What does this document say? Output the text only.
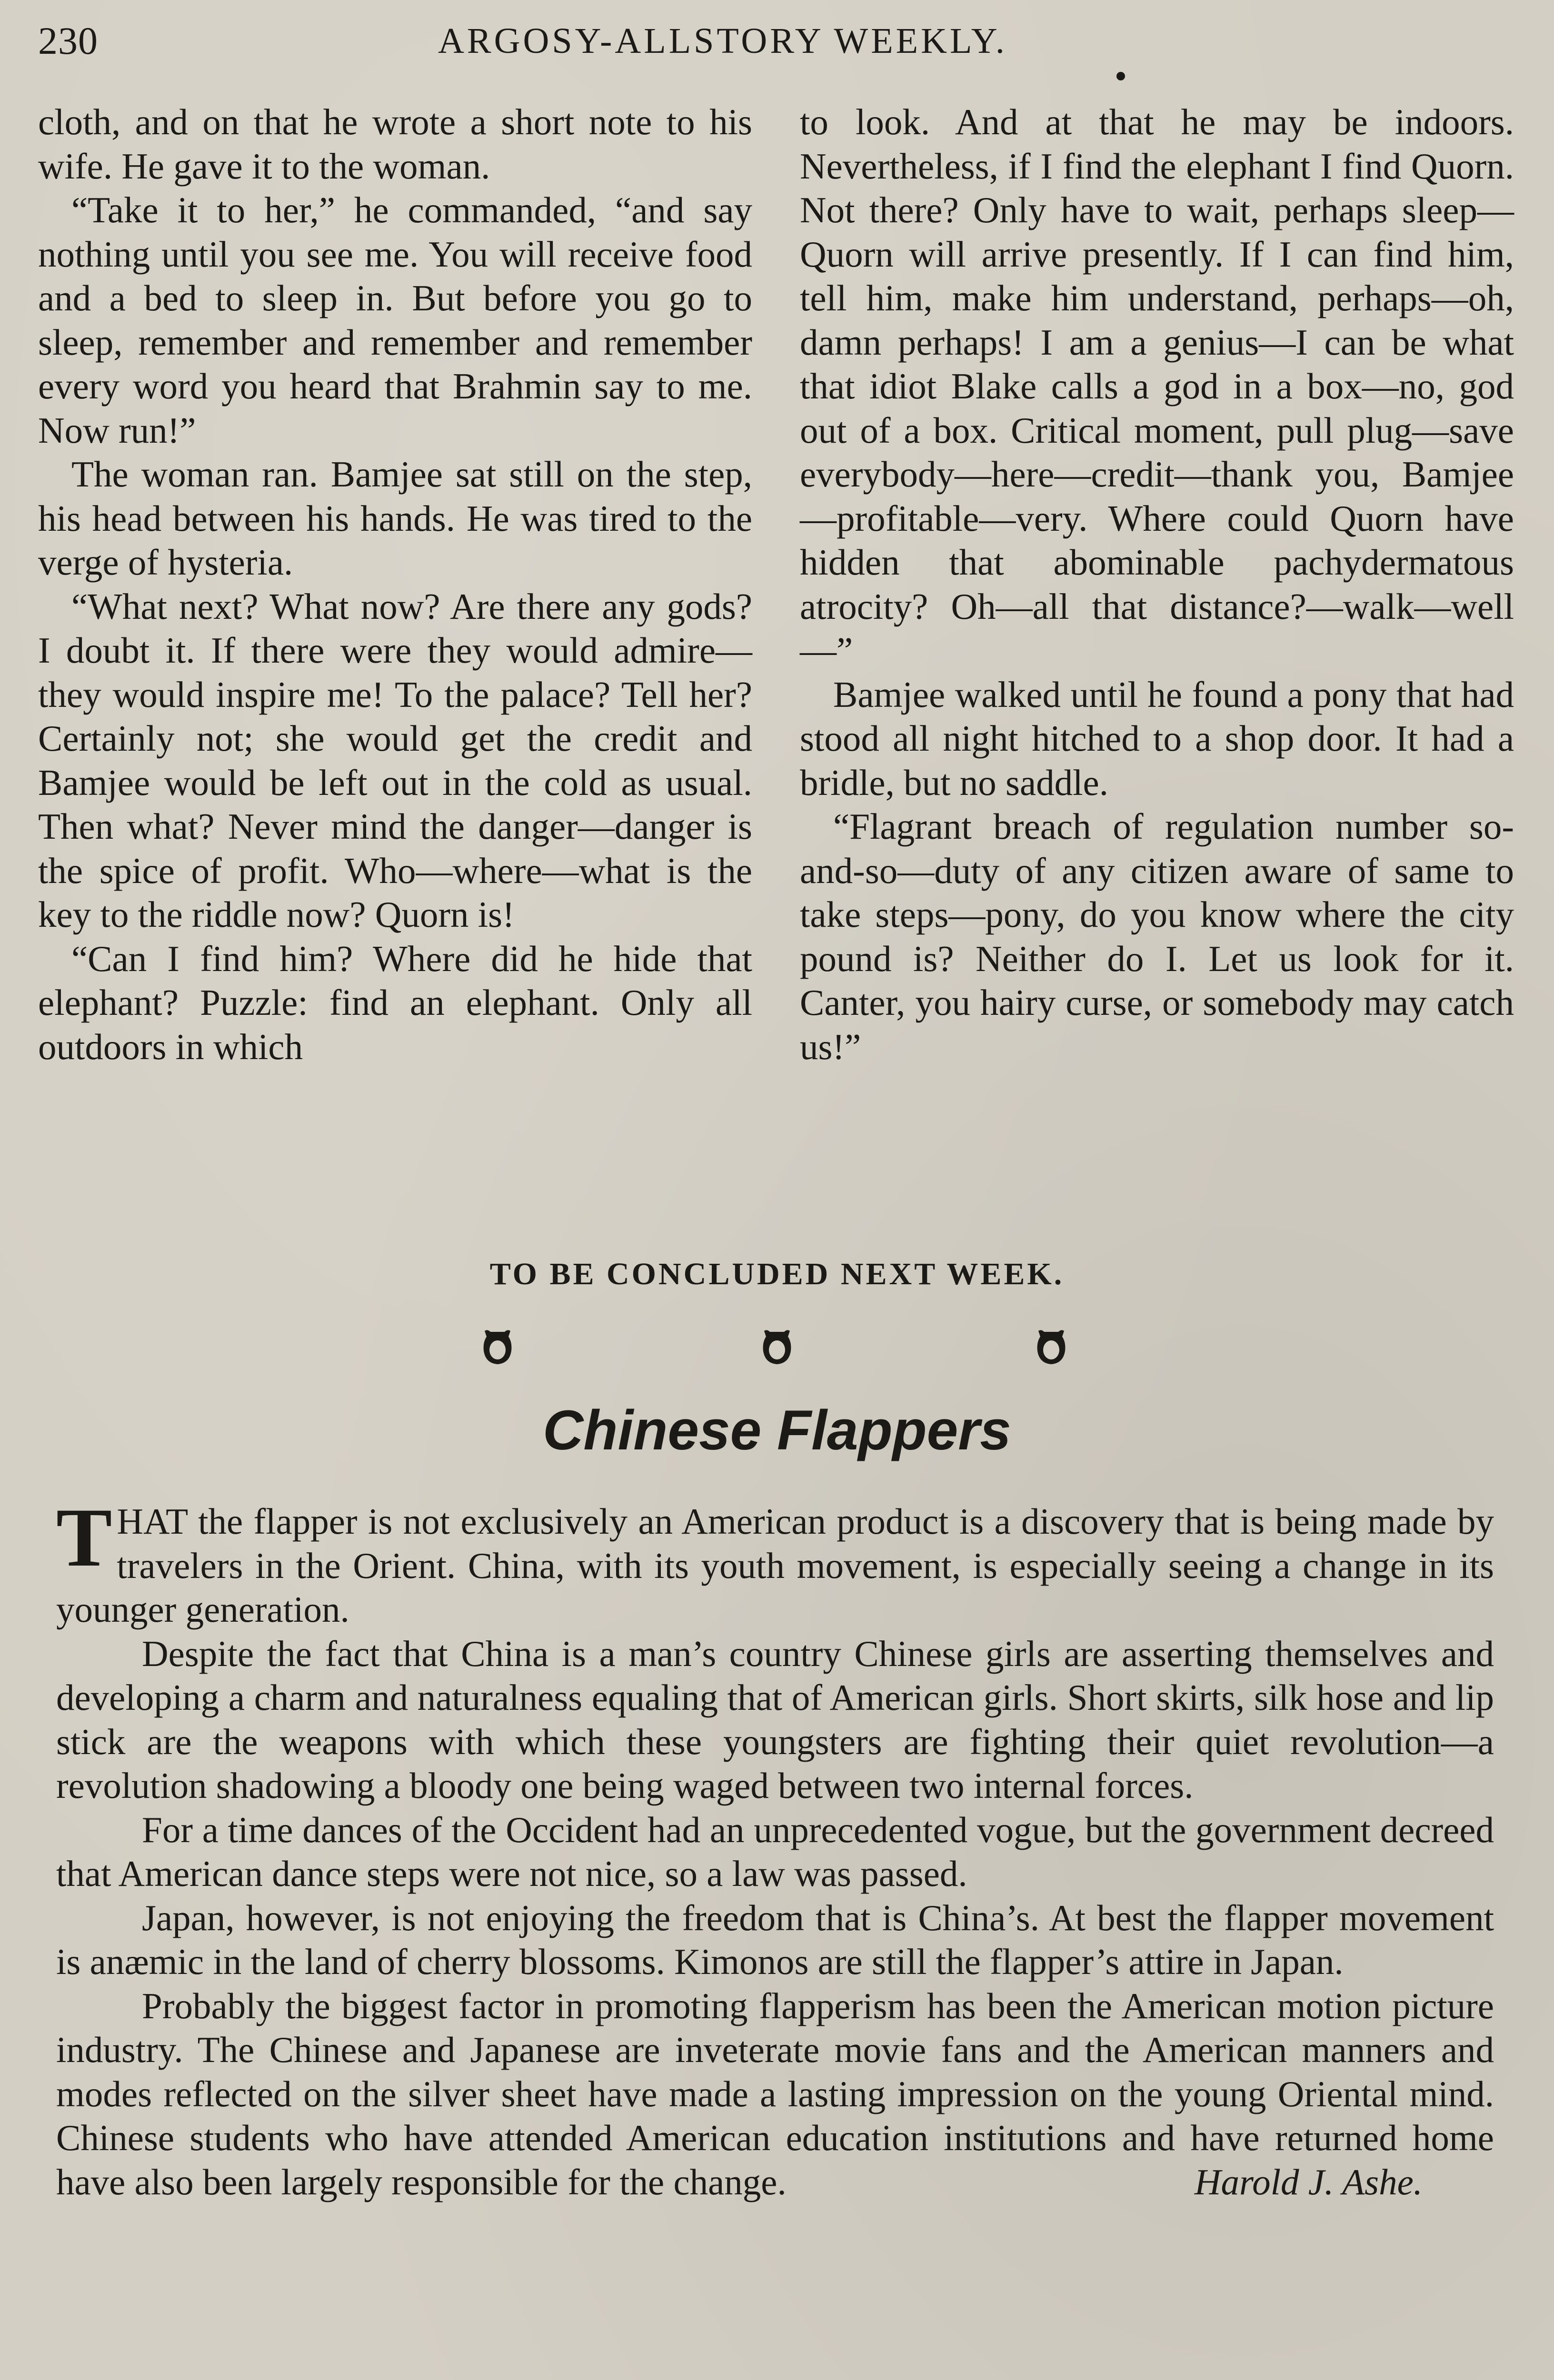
230	ARGOSY-ALLSTORY WEEKLY.

cloth, and on that he wrote a short note to his wife. He gave it to the woman.

“Take it to her,” he commanded, “and say nothing until you see me. You will receive food and a bed to sleep in. But before you go to sleep, remember and remember and remember every word you heard that Brahmin say to me. Now run!”

The woman ran. Bamjee sat still on the step, his head between his hands. He was tired to the verge of hysteria.

“What next? What now? Are there any gods? I doubt it. If there were they would admire—they would inspire me! To the palace? Tell her? Certainly not; she would get the credit and Bamjee would be left out in the cold as usual. Then what? Never mind the danger—danger is the spice of profit. Who—where—what is the key to the riddle now? Quorn is!

“Can I find him? Where did he hide that elephant? Puzzle: find an elephant. Only all outdoors in which

to look. And at that he may be indoors. Nevertheless, if I find the elephant I find Quorn. Not there? Only have to wait, perhaps sleep—Quorn will arrive presently. If I can find him, tell him, make him understand, perhaps—oh, damn perhaps! I am a genius—I can be what that idiot Blake calls a god in a box—no, god out of a box. Critical moment, pull plug—save everybody—here—credit—thank you, Bamjee—profitable—very. Where could Quorn have hidden that abominable pachydermatous atrocity? Oh—all that distance?—walk—well—”

Bamjee walked until he found a pony that had stood all night hitched to a shop door. It had a bridle, but no saddle.

“Flagrant breach of regulation number so-and-so—duty of any citizen aware of same to take steps—pony, do you know where the city pound is? Neither do I. Let us look for it. Canter, you hairy curse, or somebody may catch us!”

TO BE CONCLUDED NEXT WEEK.
Chinese Flappers

THAT the flapper is not exclusively an American product is a discovery that is being made by travelers in the Orient. China, with its youth movement, is especially seeing a change in its younger generation.

Despite the fact that China is a man’s country Chinese girls are asserting themselves and developing a charm and naturalness equaling that of American girls. Short skirts, silk hose and lip stick are the weapons with which these youngsters are fighting their quiet revolution—a revolution shadowing a bloody one being waged between two internal forces.

For a time dances of the Occident had an unprecedented vogue, but the government decreed that American dance steps were not nice, so a law was passed.

Japan, however, is not enjoying the freedom that is China’s. At best the flapper movement is anæmic in the land of cherry blossoms. Kimonos are still the flapper’s attire in Japan.

Probably the biggest factor in promoting flapperism has been the American motion picture industry. The Chinese and Japanese are inveterate movie fans and the American manners and modes reflected on the silver sheet have made a lasting impression on the young Oriental mind. Chinese students who have attended American education institutions and have returned home have also been largely responsible for the change.	Harold J. Ashe.
